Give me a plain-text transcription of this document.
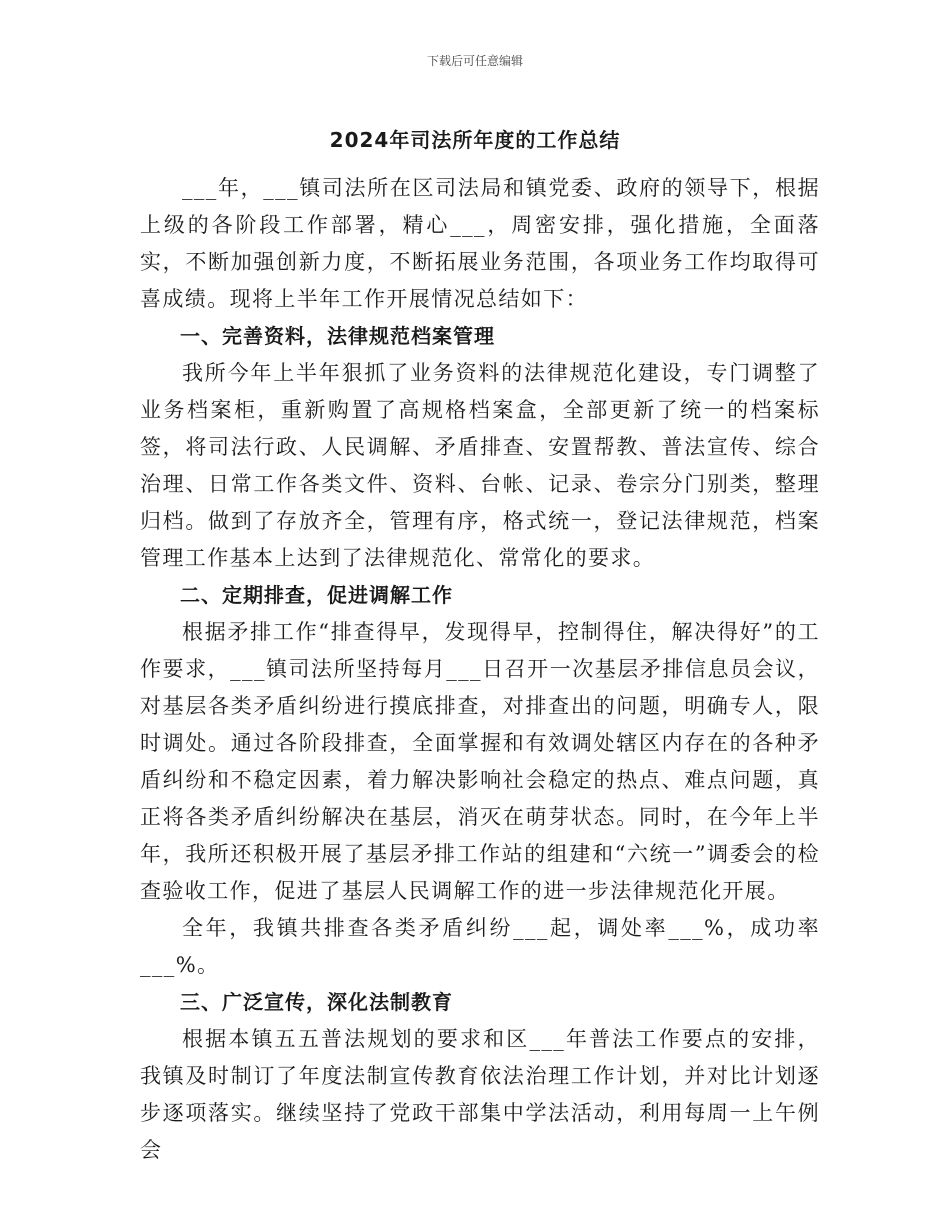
下载后可任意编辑
2024年司法所年度的工作总结

___年，___镇司法所在区司法局和镇党委、政府的领导下，根据上级的各阶段工作部署，精心___，周密安排，强化措施，全面落实，不断加强创新力度，不断拓展业务范围，各项业务工作均取得可喜成绩。现将上半年工作开展情况总结如下：

一、完善资料，法律规范档案管理

我所今年上半年狠抓了业务资料的法律规范化建设，专门调整了业务档案柜，重新购置了高规格档案盒，全部更新了统一的档案标签，将司法行政、人民调解、矛盾排查、安置帮教、普法宣传、综合治理、日常工作各类文件、资料、台帐、记录、卷宗分门别类，整理归档。做到了存放齐全，管理有序，格式统一，登记法律规范，档案管理工作基本上达到了法律规范化、常常化的要求。

二、定期排查，促进调解工作

根据矛排工作“排查得早，发现得早，控制得住，解决得好”的工作要求，___镇司法所坚持每月___日召开一次基层矛排信息员会议，对基层各类矛盾纠纷进行摸底排查，对排查出的问题，明确专人，限时调处。通过各阶段排查，全面掌握和有效调处辖区内存在的各种矛盾纠纷和不稳定因素，着力解决影响社会稳定的热点、难点问题，真正将各类矛盾纠纷解决在基层，消灭在萌芽状态。同时，在今年上半年，我所还积极开展了基层矛排工作站的组建和“六统一”调委会的检查验收工作，促进了基层人民调解工作的进一步法律规范化开展。

全年，我镇共排查各类矛盾纠纷___起，调处率___%，成功率___%。

三、广泛宣传，深化法制教育

根据本镇五五普法规划的要求和区___年普法工作要点的安排，我镇及时制订了年度法制宣传教育依法治理工作计划，并对比计划逐步逐项落实。继续坚持了党政干部集中学法活动，利用每周一上午例会
